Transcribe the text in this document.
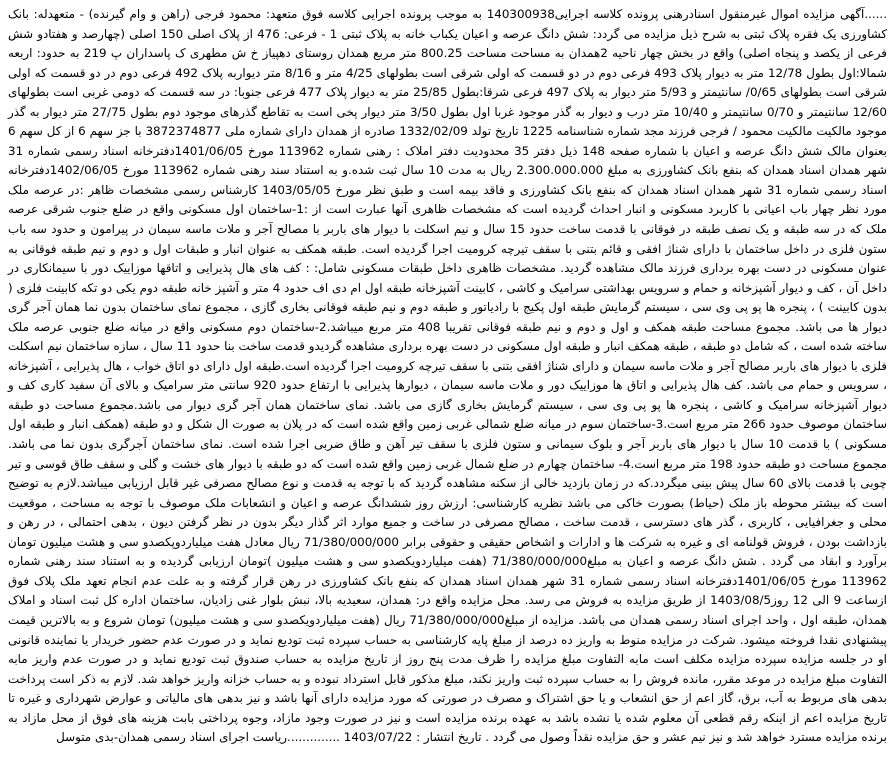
......آگهی مزایده اموال غیرمنقول اسنادرهنی پرونده کلاسه اجرایی140300938 به موجب پرونده اجرایی کلاسه فوق متعهد: محمود فرجی (راهن و وام گیرنده) - متعهدله: بانک کشاورزی یک فقره پلاک ثبتی به شرح ذیل مزایده می گردد: شش دانگ عرصه و اعیان یکباب خانه به پلاک ثبتی 1 - فرعی: 476 از پلاک اصلی 150 اصلی (چهارصد و هفتادو شش فرعی از یکصد و پنجاه اصلی) واقع در بخش چهار ناحیه 2همدان به مساحت مساحت 800.25 متر مربع همدان روستای دهپیاز خ ش مطهری ک پاسداران پ 219 به حدود: اربعه شمالا:اول بطول 12/78 متر به دیوار پلاک 493 فرعی دوم در دو قسمت که اولی شرقی است بطولهای 4/25 متر و 8/16 متر دیواربه پلاک 492 فرعی دوم در دو قسمت که اولی شرقی است بطولهای 0/65/ سانتیمتر و 5/93 متر دیوار به پلاک 497 فرعی شرقا:بطول 25/85 متر به دیوار پلاک 477 فرعی جنوبا: در سه قسمت که دومی غربی است بطولهای 12/60 سانتیمتر و 0/70 سانتیمتر و 10/40 متر درب و دیوار به گذر موجود غربا اول بطول 3/50 متر دیوار پخی است به تقاطع گذرهای موجود دوم بطول 27/75 متر دیوار به گذر موجود مالکیت مالکیت محمود / فرجی فرزند مجد شماره شناسنامه 1225 تاریخ تولد 1332/02/09 صادره از همدان دارای شماره ملی 3872374877 با جز سهم 6 از کل سهم 6 بعنوان مالک شش دانگ عرصه و اعیان با شماره صفحه 148 ذیل دفتر 35 محدودیت دفتر املاک : رهنی شماره 113962 مورخ 1401/06/05دفترخانه اسناد رسمی شماره 31 شهر همدان اسناد همدان که بنفع بانک کشاورزی به مبلغ 2.300.000.000 ریال به مدت 10 سال ثبت شده.و به استناد سند رهنی شماره 113962 مورخ 1402/06/05دفترخانه اسناد رسمی شماره 31 شهر همدان اسناد همدان که بنفع بانک کشاورزی و فاقد بیمه است و طبق نظر مورخ 1403/05/05 کارشناس رسمی مشخصات ظاهر :در عرصه ملک مورد نظر چهار باب اعیانی با کاربرد مسکونی و انبار احداث گردیده است که مشخصات ظاهری آنها عبارت است از :1-ساختمان اول مسکونی واقع در ضلع جنوب شرقی عرصه ملک که در سه طبقه و یک نصف طبقه در فوقانی با قدمت ساخت حدود 15 سال و نیم اسکلت با دیوار های باربر با مصالح آجر و ملات ماسه سیمان در پیرامون و حدود سه باب ستون فلزی در داخل ساختمان با دارای شناژ افقی و قائم بتنی با سقف تیرچه کرومیت اجرا گردیده است. طبقه همکف به عنوان انبار و طبقات اول و دوم و نیم طبقه فوقانی به عنوان مسکونی در دست بهره برداری فرزند مالک مشاهده گردید. مشخصات ظاهری داخل طبقات مسکونی شامل: : کف های هال پذیرایی و اتاقها موزاییک دور با سیمانکاری در داخل آن ، کف و دیوار آشپزخانه و حمام و سرویس بهداشتی سرامیک و کاشی ، کابینت آشپزخانه طبقه اول ام دی اف حدود 4 متر و آشپز خانه طبقه دوم یکی دو تکه کابینت فلزی ( بدون کابینت ) ، پنجره ها پو پی وی سی ، سیستم گرمایش طبقه اول پکیج با رادیاتور و طبقه دوم و نیم طبقه فوقانی بخاری گازی ، مجموع نمای ساختمان بدون نما همان آجر گری دیوار ها می باشد. مجموع مساحت طبقه همکف و اول و دوم و نیم طبقه فوقانی تقریبا 408 متر مربع میباشد.2-ساختمان دوم مسکونی واقع در میانه ضلع جنوبی عرصه ملک ساخته شده است ، که شامل دو طبقه ، طبقه همکف انبار و طبقه اول مسکونی در دست بهره برداری مشاهده گردیدو قدمت ساخت بنا حدود 11 سال ، سازه ساختمان نیم اسکلت فلزی با دیوار های باربر مصالح آجر و ملات ماسه سیمان و دارای شناژ افقی بتنی با سقف تیرچه کرومیت اجرا گردیده است.طبقه اول دارای دو اتاق خواب ، هال پذیرایی ، آشپزخانه ، سرویس و حمام می باشد. کف هال پذیرایی و اتاق ها موزاییک دور و ملات ماسه سیمان ، دیوارها پذیرایی با ارتفاع حدود 920 سانتی متر سرامیک و بالای آن سفید کاری کف و دیوار آشپزخانه سرامیک و کاشی ، پنجره ها پو پی وی سی ، سیستم گرمایش بخاری گازی می باشد. نمای ساختمان همان آجر گری دیوار می باشد.مجموع مساحت دو طبقه ساختمان موصوف حدود 266 متر مربع است.3-ساختمان سوم در میانه ضلع شمالی غربی زمین واقع شده است که در پلان به صورت ال شکل و دو طبقه (همکف انبار و طبقه اول مسکونی ) با قدمت 10 سال با دیوار های باربر آجر و بلوک سیمانی و ستون فلزی با سقف تیر آهن و طاق ضربی اجرا شده است. نمای ساختمان آجرگری بدون نما می باشد. مجموع مساحت دو طبقه حدود 198 متر مربع است.4- ساختمان چهارم در ضلع شمال غربی زمین واقع شده است که دو طبقه با دیوار های خشت و گلی و سقف طاق قوسی و تیر چوبی با قدمت بالای 60 سال پیش بینی میگردد.که در زمان بازدید خالی از سکنه مشاهده گردید که با توجه به قدمت و نوع مصالح مصرفی غیر قابل ارزیابی میباشد.لازم به توضیح است که بیشتر محوطه باز ملک (حیاط) بصورت خاکی می باشد نظریه کارشناسی: ارزش روز ششدانگ عرصه و اعیان و انشعابات ملک موصوف با توجه به مساحت ، موقعیت محلی و جغرافیایی ، کاربری ، گذر های دسترسی ، قدمت ساخت ، مصالح مصرفی در ساخت و جمیع موارد اثر گذار دیگر بدون در نظر گرفتن دیون ، بدهی احتمالی ، در رهن و بازداشت بودن ، فروش قولنامه ای و غیره به شرکت ها و ادارات و اشخاص حقیقی و حقوقی برابر 71/380/000/000 ریال معادل هفت میلیاردوپکصدو سی و هشت میلیون تومان برآورد و ابقاد می گردد . شش دانگ عرصه و اعیان به مبلغ71/380/000/000 (هفت میلیاردویکصدو سی و هشت میلیون )تومان ارزیابی گردیده و به استناد سند رهنی شماره 113962 مورخ 1401/06/05دفترخانه اسناد رسمی شماره 31 شهر همدان اسناد همدان که بنفع بانک کشاورزی در رهن قرار گرفته و به علت عدم انجام تعهد ملک پلاک فوق ازساعت 9 الی 12 روز1403/08/5 از طریق مزایده به فروش می رسد. محل مزایده واقع در: همدان، سعیدیه بالا، نبش بلوار غنی زادیان، ساختمان اداره کل ثبت اسناد و املاک همدان، طبقه اول ، واحد اجرای اسناد رسمی همدان می باشد. مزایده از مبلغ71/380/000/000 ریال (هفت میلیاردویکصدو سی و هشت میلیون) تومان شروع و به بالاترین قیمت پیشنهادی نقدا فروخته میشود. شرکت در مزایده منوط به واریز ده درصد از مبلغ پایه کارشناسی به حساب سپرده ثبت تودیع نماید و در صورت عدم حضور خریدار یا نماینده قانونی او در جلسه مزایده سپرده مزایده مکلف است مابه التفاوت مبلغ مزایده را ظرف مدت پنج روز از تاریخ مزایده به حساب صندوق ثبت تودیع نماید و در صورت عدم واریز مابه التفاوت مبلغ مزایده در موعد مقرر، مانده فروش را به حساب سپرده ثبت واریز نکند، مبلغ مذکور قابل استرداد نبوده و به حساب خزانه واریز خواهد شد. لازم به ذکر است پرداخت بدهی های مربوط به آب، برق، گاز اعم از حق انشعاب و یا حق اشتراک و مصرف در صورتی که مورد مزایده دارای آنها باشد و نیز بدهی های مالیاتی و عوارض شهرداری و غیره تا تاریخ مزایده اعم از اینکه رقم قطعی آن معلوم شده یا نشده باشد به عهده برنده مزایده است و نیز در صورت وجود مازاد، وجوه پرداختی بابت هزینه های فوق از محل مازاد به برنده مزایده مسترد خواهد شد و نیز نیم عشر و حق مزایده نقداً وصول می گردد . تاریخ انتشار : 1403/07/22 ..............ریاست اجرای اسناد رسمی همدان-بدی متوسل
